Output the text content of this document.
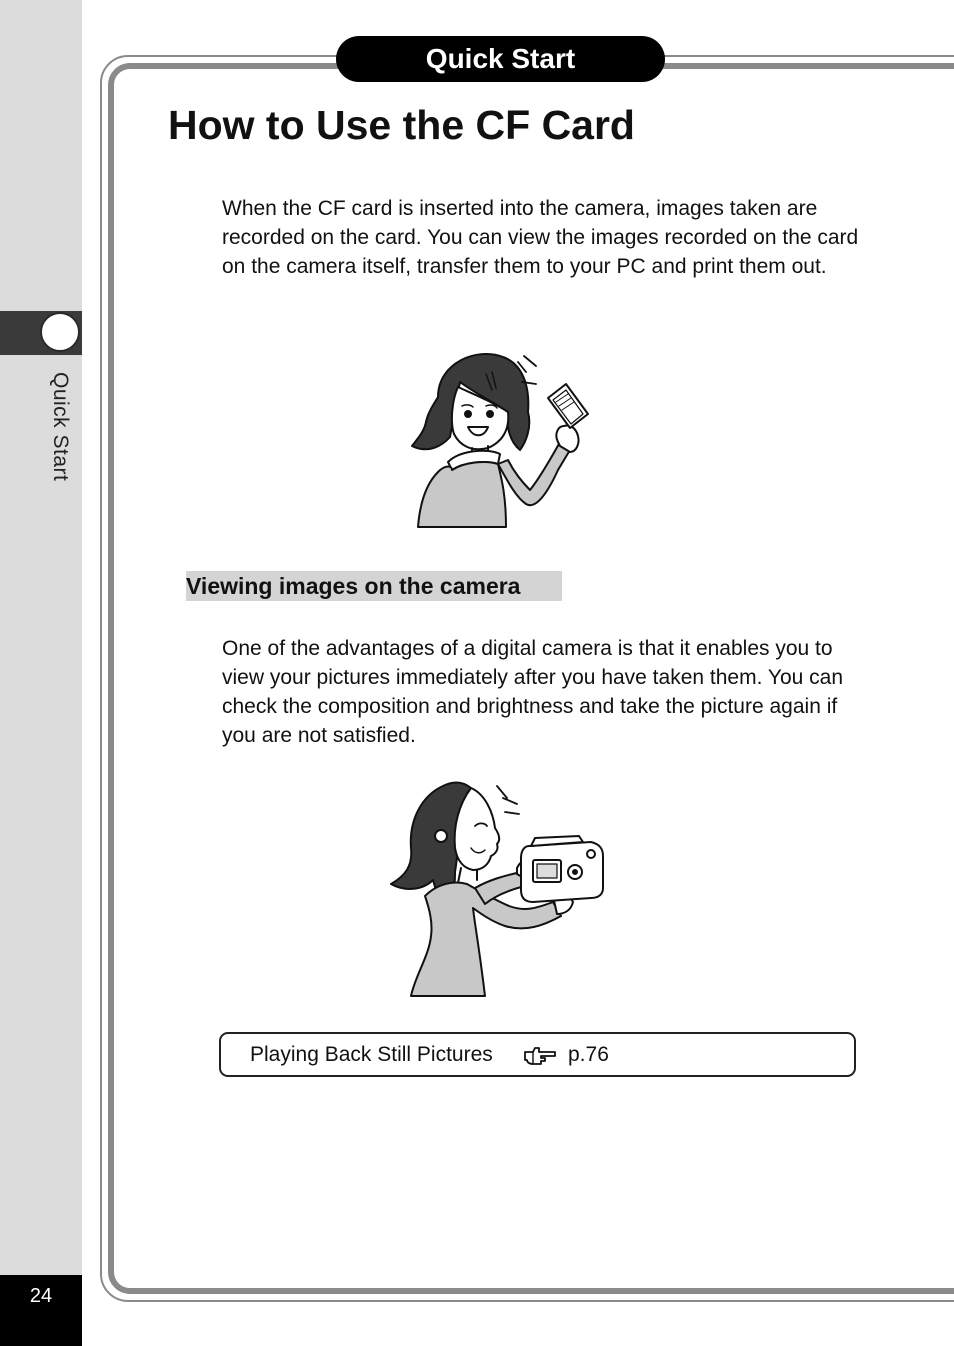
Quick Start
24
Quick Start
How to Use the CF Card

When the CF card is inserted into the camera, images taken are recorded on the card. You can view the images recorded on the card on the camera itself, transfer them to your PC and print them out.

Viewing images on the camera

One of the advantages of a digital camera is that it enables you to view your pictures immediately after you have taken them. You can check the composition and brightness and take the picture again if you are not satisfied.

Playing Back Still Pictures	p.76
